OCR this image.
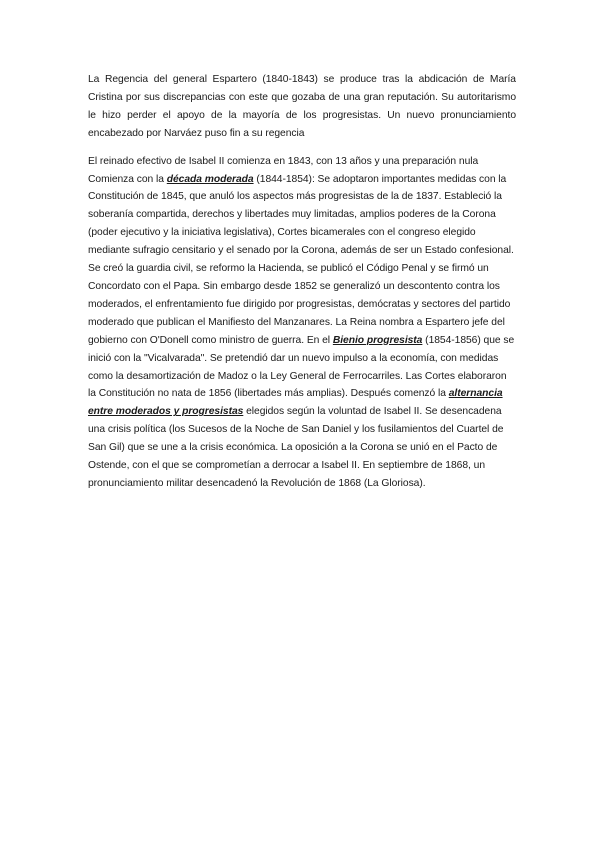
La Regencia del general Espartero (1840-1843) se produce tras la abdicación de María Cristina por sus discrepancias con este que gozaba de una gran reputación. Su autoritarismo le hizo perder el apoyo de la mayoría de los progresistas. Un nuevo pronunciamiento encabezado por Narváez puso fin a su regencia

El reinado efectivo de Isabel II comienza en 1843, con 13 años y una preparación nula Comienza con la década moderada (1844-1854): Se adoptaron importantes medidas con la Constitución de 1845, que anuló los aspectos más progresistas de la de 1837. Estableció la soberanía compartida, derechos y libertades muy limitadas, amplios poderes de la Corona (poder ejecutivo y la iniciativa legislativa), Cortes bicamerales con el congreso elegido mediante sufragio censitario y el senado por la Corona, además de ser un Estado confesional. Se creó la guardia civil, se reformo la Hacienda, se publicó el Código Penal y se firmó un Concordato con el Papa. Sin embargo desde 1852 se generalizó un descontento contra los moderados, el enfrentamiento fue dirigido por progresistas, demócratas y sectores del partido moderado que publican el Manifiesto del Manzanares. La Reina nombra a Espartero jefe del gobierno con O'Donell como ministro de guerra. En el Bienio progresista (1854-1856) que se inició con la "Vicalvarada". Se pretendió dar un nuevo impulso a la economía, con medidas como la desamortización de Madoz o la Ley General de Ferrocarriles. Las Cortes elaboraron la Constitución no nata de 1856 (libertades más amplias). Después comenzó la alternancia entre moderados y progresistas elegidos según la voluntad de Isabel II. Se desencadena una crisis política (los Sucesos de la Noche de San Daniel y los fusilamientos del Cuartel de San Gil) que se une a la crisis económica. La oposición a la Corona se unió en el Pacto de Ostende, con el que se comprometían a derrocar a Isabel II. En septiembre de 1868, un pronunciamiento militar desencadenó la Revolución de 1868 (La Gloriosa).
